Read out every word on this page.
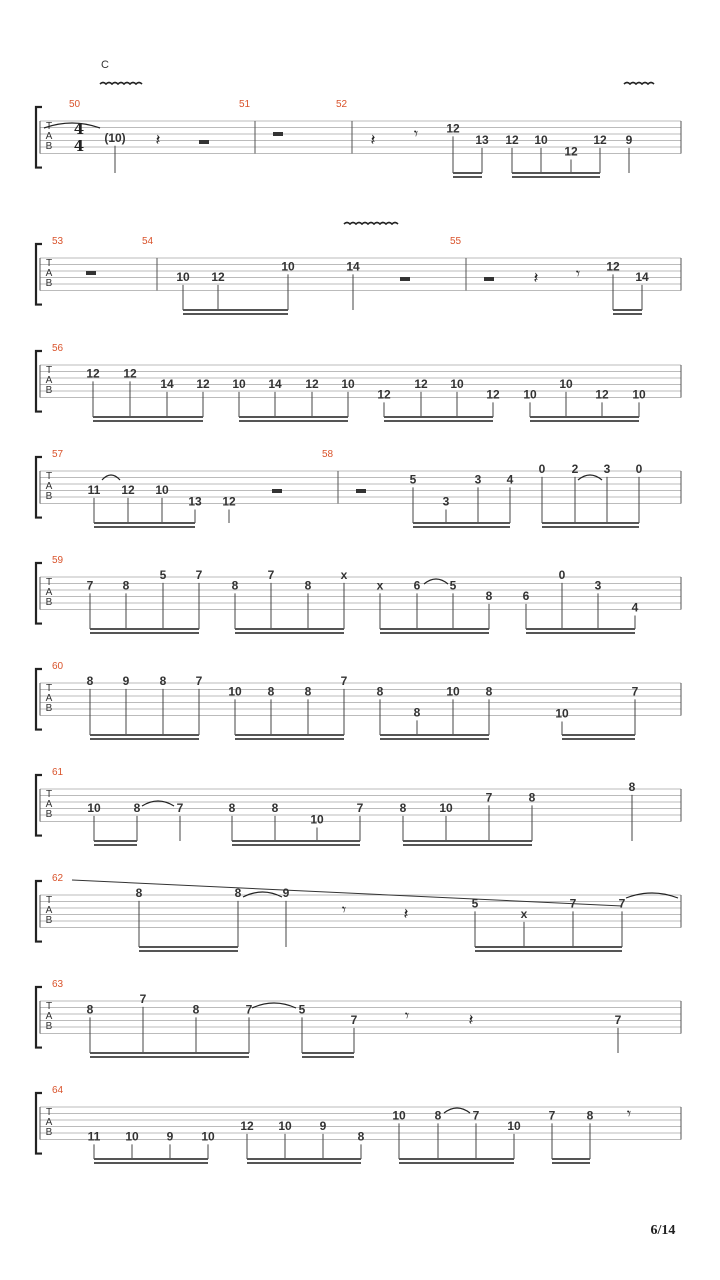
T
A
B
T
A
B
T
A
B
T
A
B
T
A
B
T
A
B
T
A
B
T
A
B
T
A
B
T
A
B
4
4
C
50
(10)
51	52
12
13 12 10
12
12 9
53	54
10 12
10	14
55
12
14
56
12 12
14 12 10 14 12 10
12
12 10
12 10
10
12 10
57
11 12 10
13 12
58
5
3
3 4
0 2 3 0
59
7 8
5 7
8
7
8
x
x	6 5
8	6
0
3
4
60
8 9	8 7
10 8	8
7
8
8
10 8
10
7
61
10	8	7	8	8
10
7	8	10
7	8
8
62
8	8	9
5
x
7
63
8
7
8	7	5
7	7
64
11 10 9 10
12 10 9
8
10 8	7
10
7	8
𝄽	𝄽
𝄽
𝄽
𝄽
𝄾
𝄾
𝄾
𝄾
𝄾
6/14
